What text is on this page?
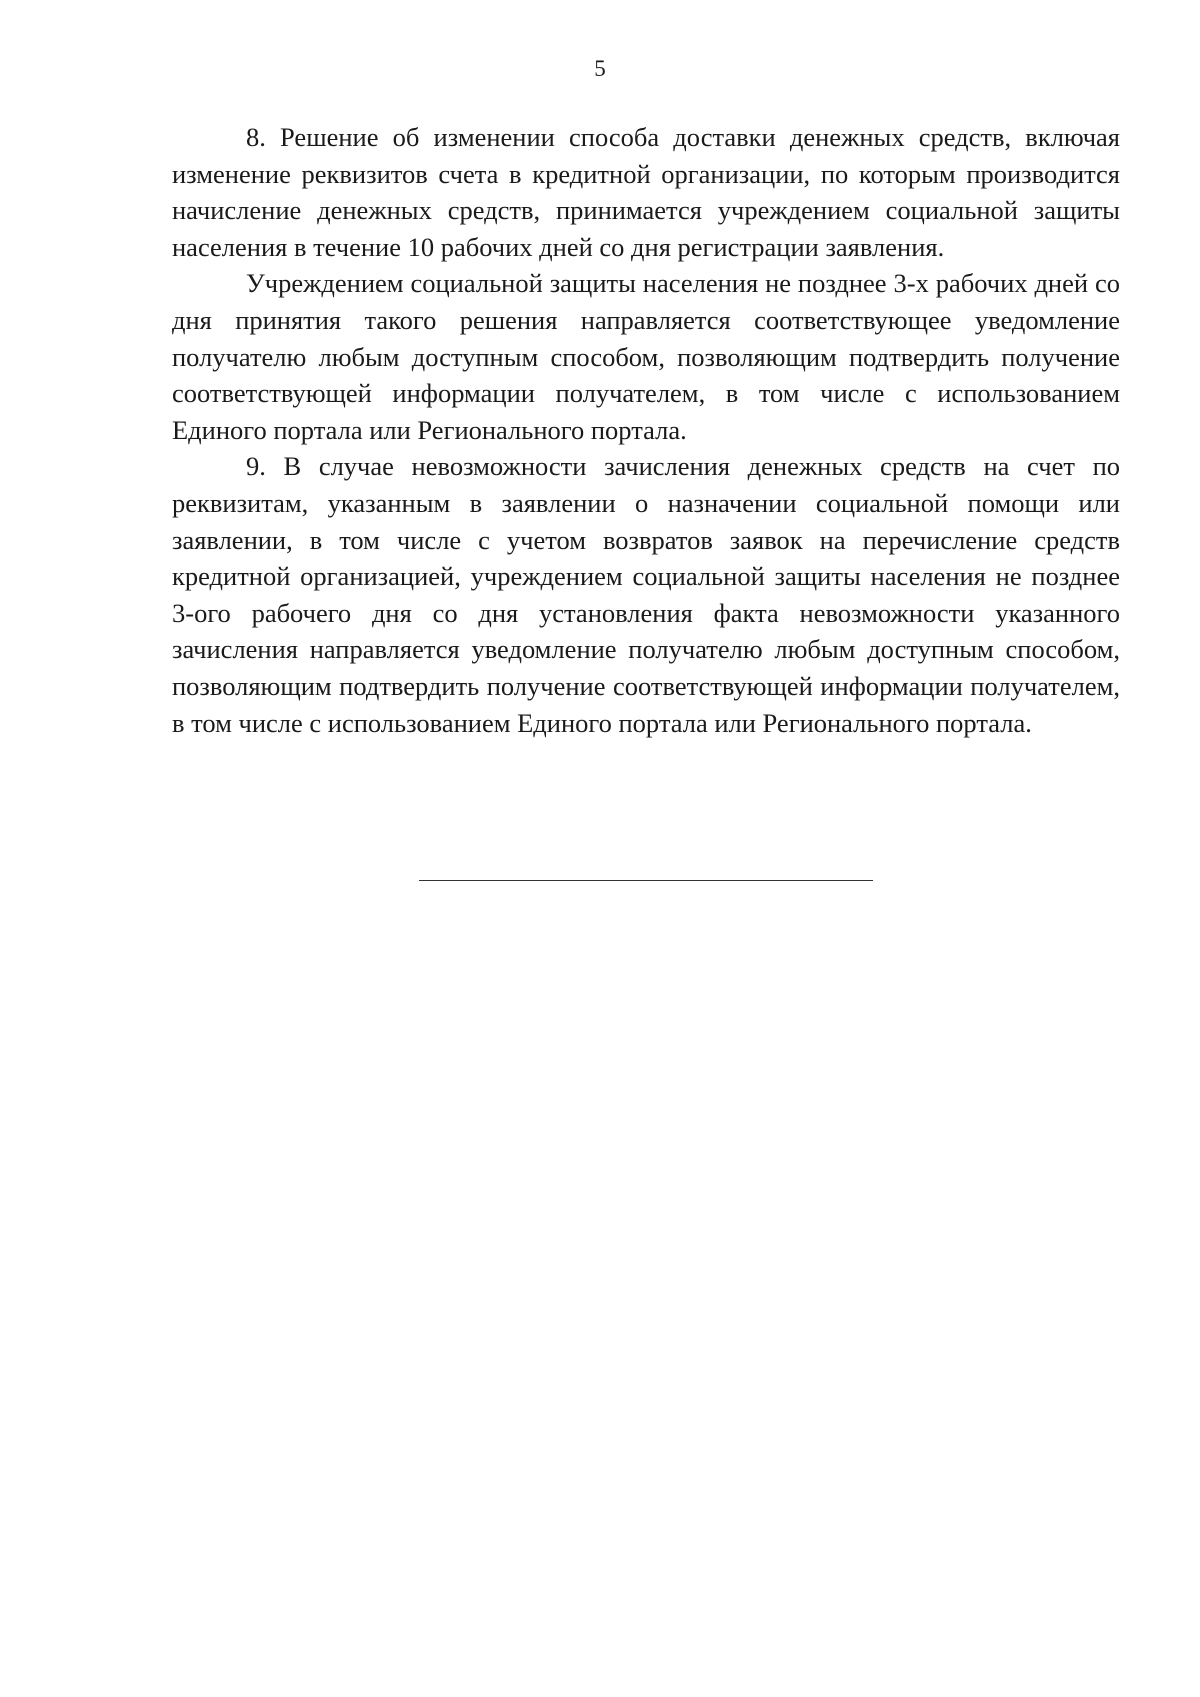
5

8. Решение об изменении способа доставки денежных средств, включая изменение реквизитов счета в кредитной организации, по которым производится начисление денежных средств, принимается учреждением социальной защиты населения в течение 10 рабочих дней со дня регистрации заявления.

Учреждением социальной защиты населения не позднее 3-х рабочих дней со дня принятия такого решения направляется соответствующее уведомление получателю любым доступным способом, позволяющим подтвердить получение соответствующей информации получателем, в том числе с использованием Единого портала или Регионального портала.

9. В случае невозможности зачисления денежных средств на счет по реквизитам, указанным в заявлении о назначении социальной помощи или заявлении, в том числе с учетом возвратов заявок на перечисление средств кредитной организацией, учреждением социальной защиты населения не позднее 3-ого рабочего дня со дня установления факта невозможности указанного зачисления направляется уведомление получателю любым доступным способом, позволяющим подтвердить получение соответствующей информации получателем, в том числе с использованием Единого портала или Регионального портала.
